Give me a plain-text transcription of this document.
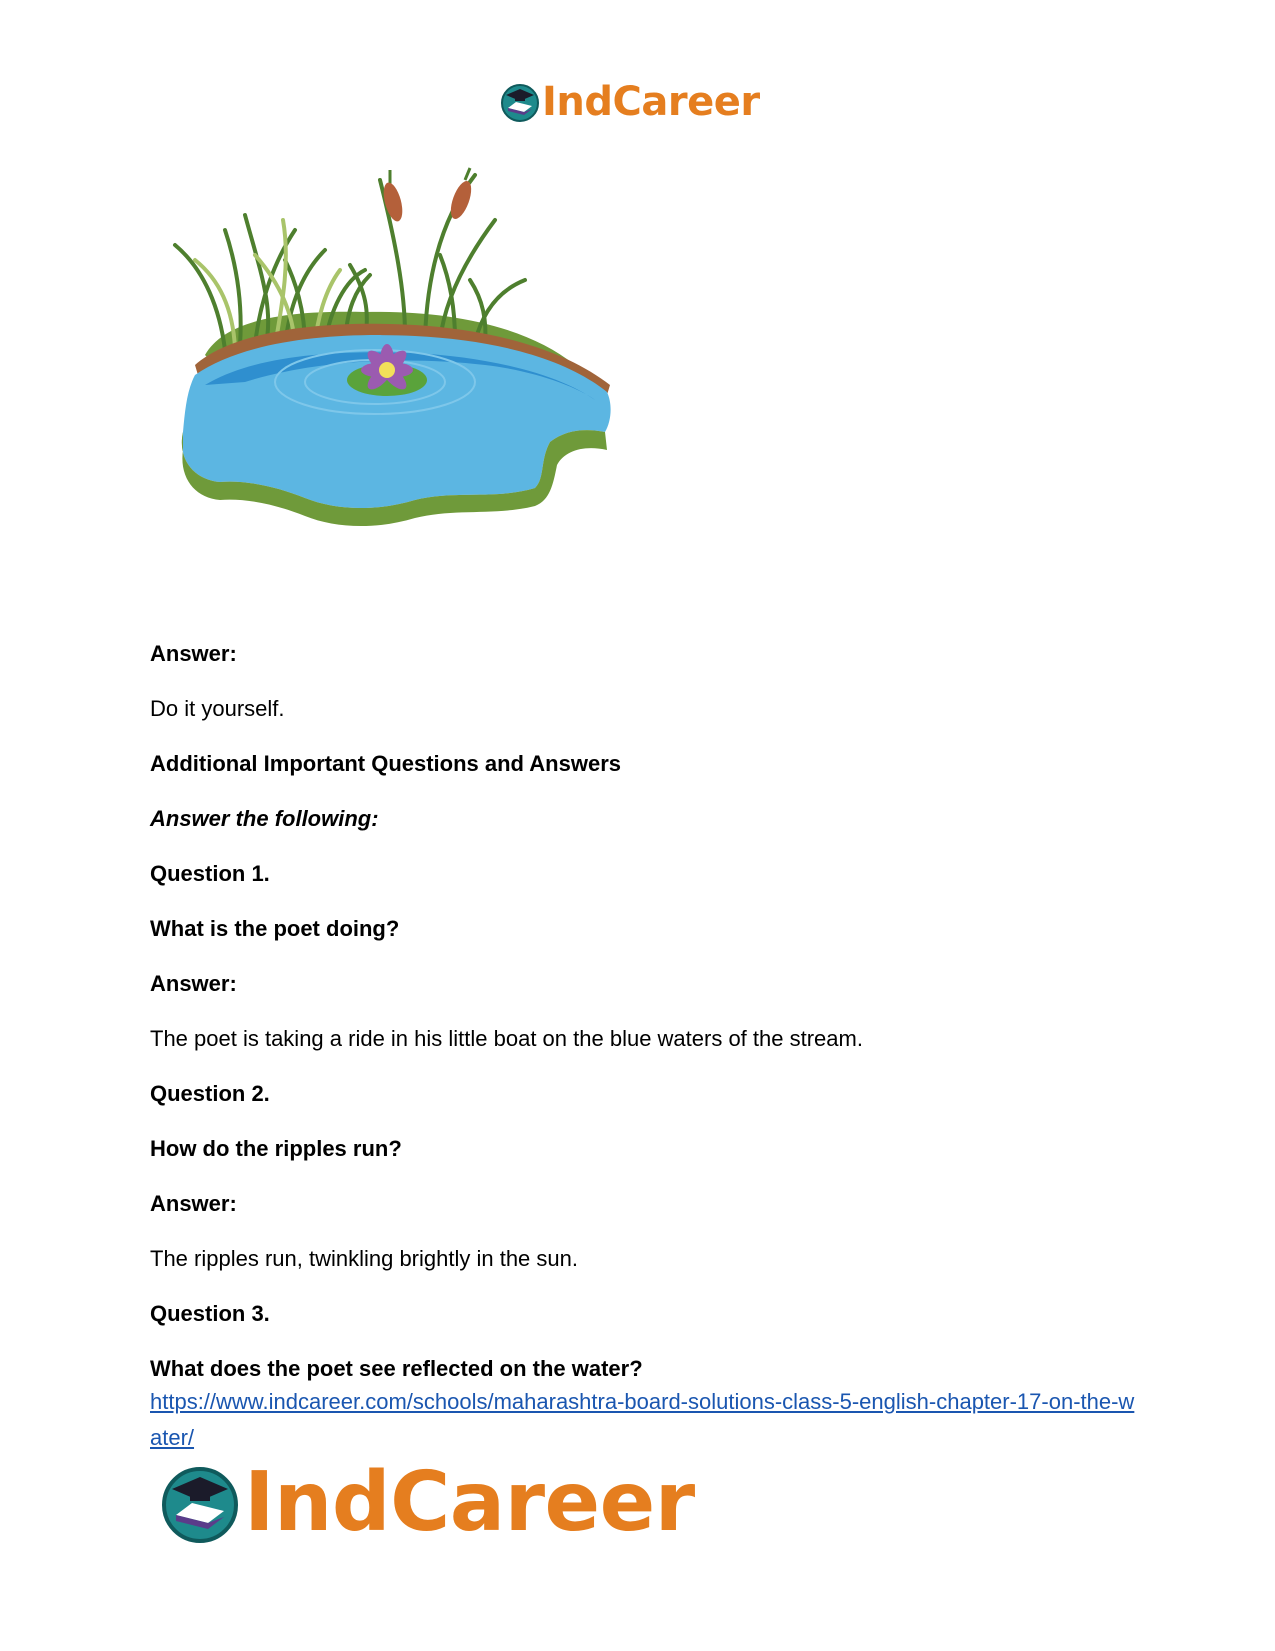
IndCareer
Answer:
Do it yourself.
Additional Important Questions and Answers
Answer the following:
Question 1.
What is the poet doing?
Answer:
The poet is taking a ride in his little boat on the blue waters of the stream.
Question 2.
How do the ripples run?
Answer:
The ripples run, twinkling brightly in the sun.
Question 3.
What does the poet see reflected on the water?
https://www.indcareer.com/schools/maharashtra-board-solutions-class-5-english-chapter-17-on-the-water/
IndCareer
